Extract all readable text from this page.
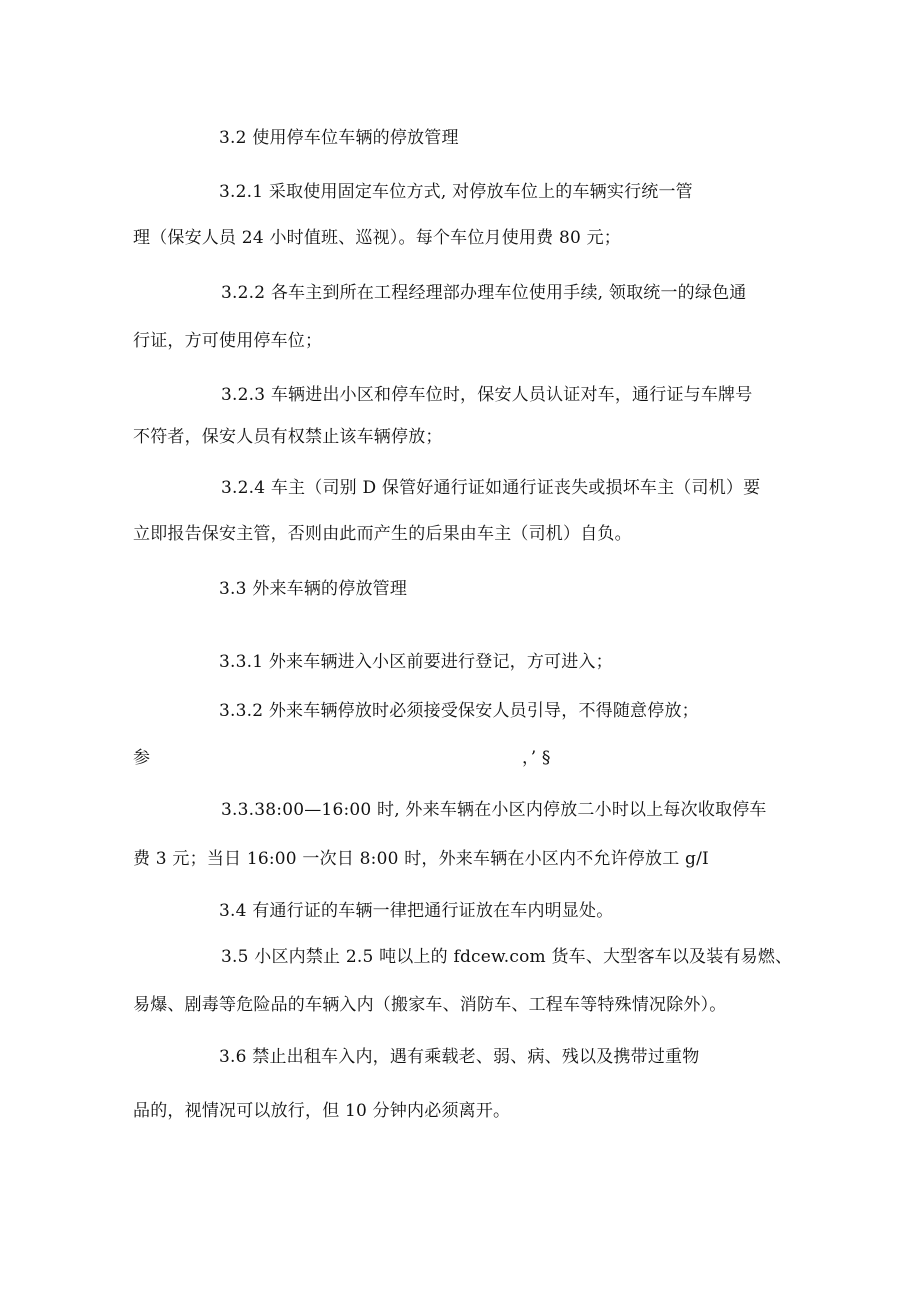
3.2 使用停车位车辆的停放管理
3.2.1 采取使用固定车位方式, 对停放车位上的车辆实行统一管
理（保安人员 24 小时值班、巡视）。每个车位月使用费 80 元；
3.2.2 各车主到所在工程经理部办理车位使用手续, 领取统一的绿色通
行证，方可使用停车位；
3.2.3 车辆进出小区和停车位时，保安人员认证对车，通行证与车牌号
不符者，保安人员有权禁止该车辆停放；
3.2.4 车主（司别 D 保管好通行证如通行证丧失或损坏车主（司机）要
立即报告保安主管，否则由此而产生的后果由车主（司机）自负。
3.3 外来车辆的停放管理
3.3.1 外来车辆进入小区前要进行登记，方可进入；
3.3.2 外来车辆停放时必须接受保安人员引导，不得随意停放；
参	，’ §
3.3.38:00—16:00 时, 外来车辆在小区内停放二小时以上每次收取停车
费 3 元；当日 16:00 一次日 8:00 时，外来车辆在小区内不允许停放工 g/I
3.4 有通行证的车辆一律把通行证放在车内明显处。
3.5 小区内禁止 2.5 吨以上的 fdcew.com 货车、大型客车以及装有易燃、
易爆、剧毒等危险品的车辆入内（搬家车、消防车、工程车等特殊情况除外）。
3.6 禁止出租车入内，遇有乘载老、弱、病、残以及携带过重物
品的，视情况可以放行，但 10 分钟内必须离开。
